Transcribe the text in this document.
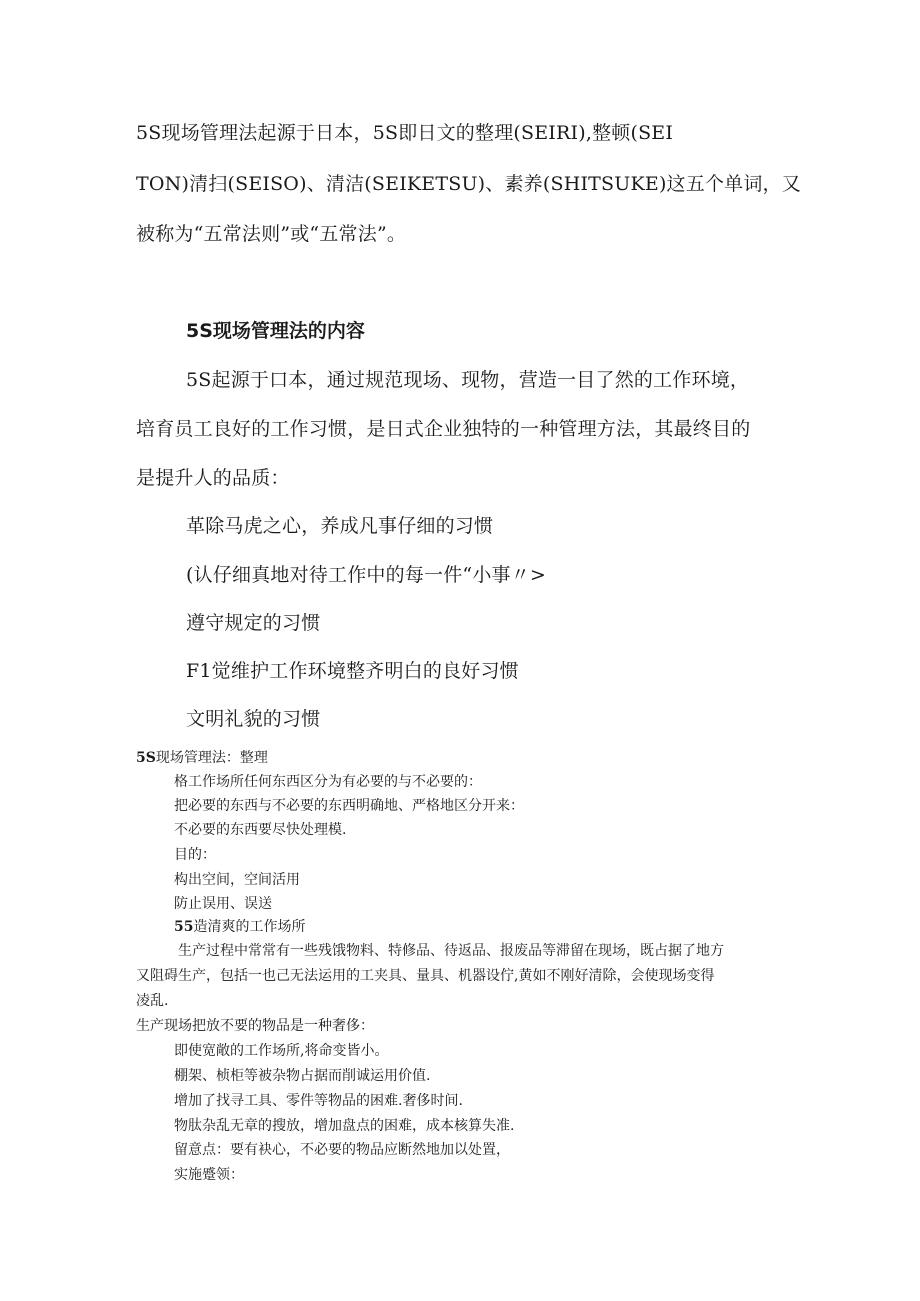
5S现场管理法起源于日本，5S即日文的整理(SEIRI),整顿(SEI
TON)清扫(SEISO)、清洁(SEIKETSU)、素养(SHITSUKE)这五个单词，又
被称为“五常法则”或“五常法”。
5S现场管理法的内容
5S起源于口本，通过规范现场、现物，营造一目了然的工作环境，
培育员工良好的工作习惯，是日式企业独特的一种管理方法，其最终目的
是提升人的品质：
革除马虎之心，养成凡事仔细的习惯
(认仔细真地对待工作中的每一件“小事〃>
遵守规定的习惯
F1觉维护工作环境整齐明白的良好习惯
文明礼貌的习惯
5S现场管理法：整理
格工作场所任何东西区分为有必要的与不必要的：
把必要的东西与不必要的东西明确地、严格地区分开来：
不必要的东西要尽快处理模.
目的：
构出空间，空间活用
防止误用、误送
55造清爽的工作场所
生产过程中常常有一些残饿物料、特修品、待返品、报废品等滞留在现场，既占据了地方
又阻碍生产，包括一也己无法运用的工夹具、量具、机器设佇,黄如不刚好清除，会使现场变得
凌乱.
生产现场把放不要的物品是一种奢侈：
即使宽敞的工作场所,将命变皆小。
棚架、桢柜等被杂物占据而削诚运用价值.
增加了找寻工具、零件等物品的困难.奢侈时间.
物肽杂乱无章的搜放，增加盘点的困难，成本核算失准.
留意点：要有袂心，不必要的物品应断然地加以处置，
实施蹙领：
